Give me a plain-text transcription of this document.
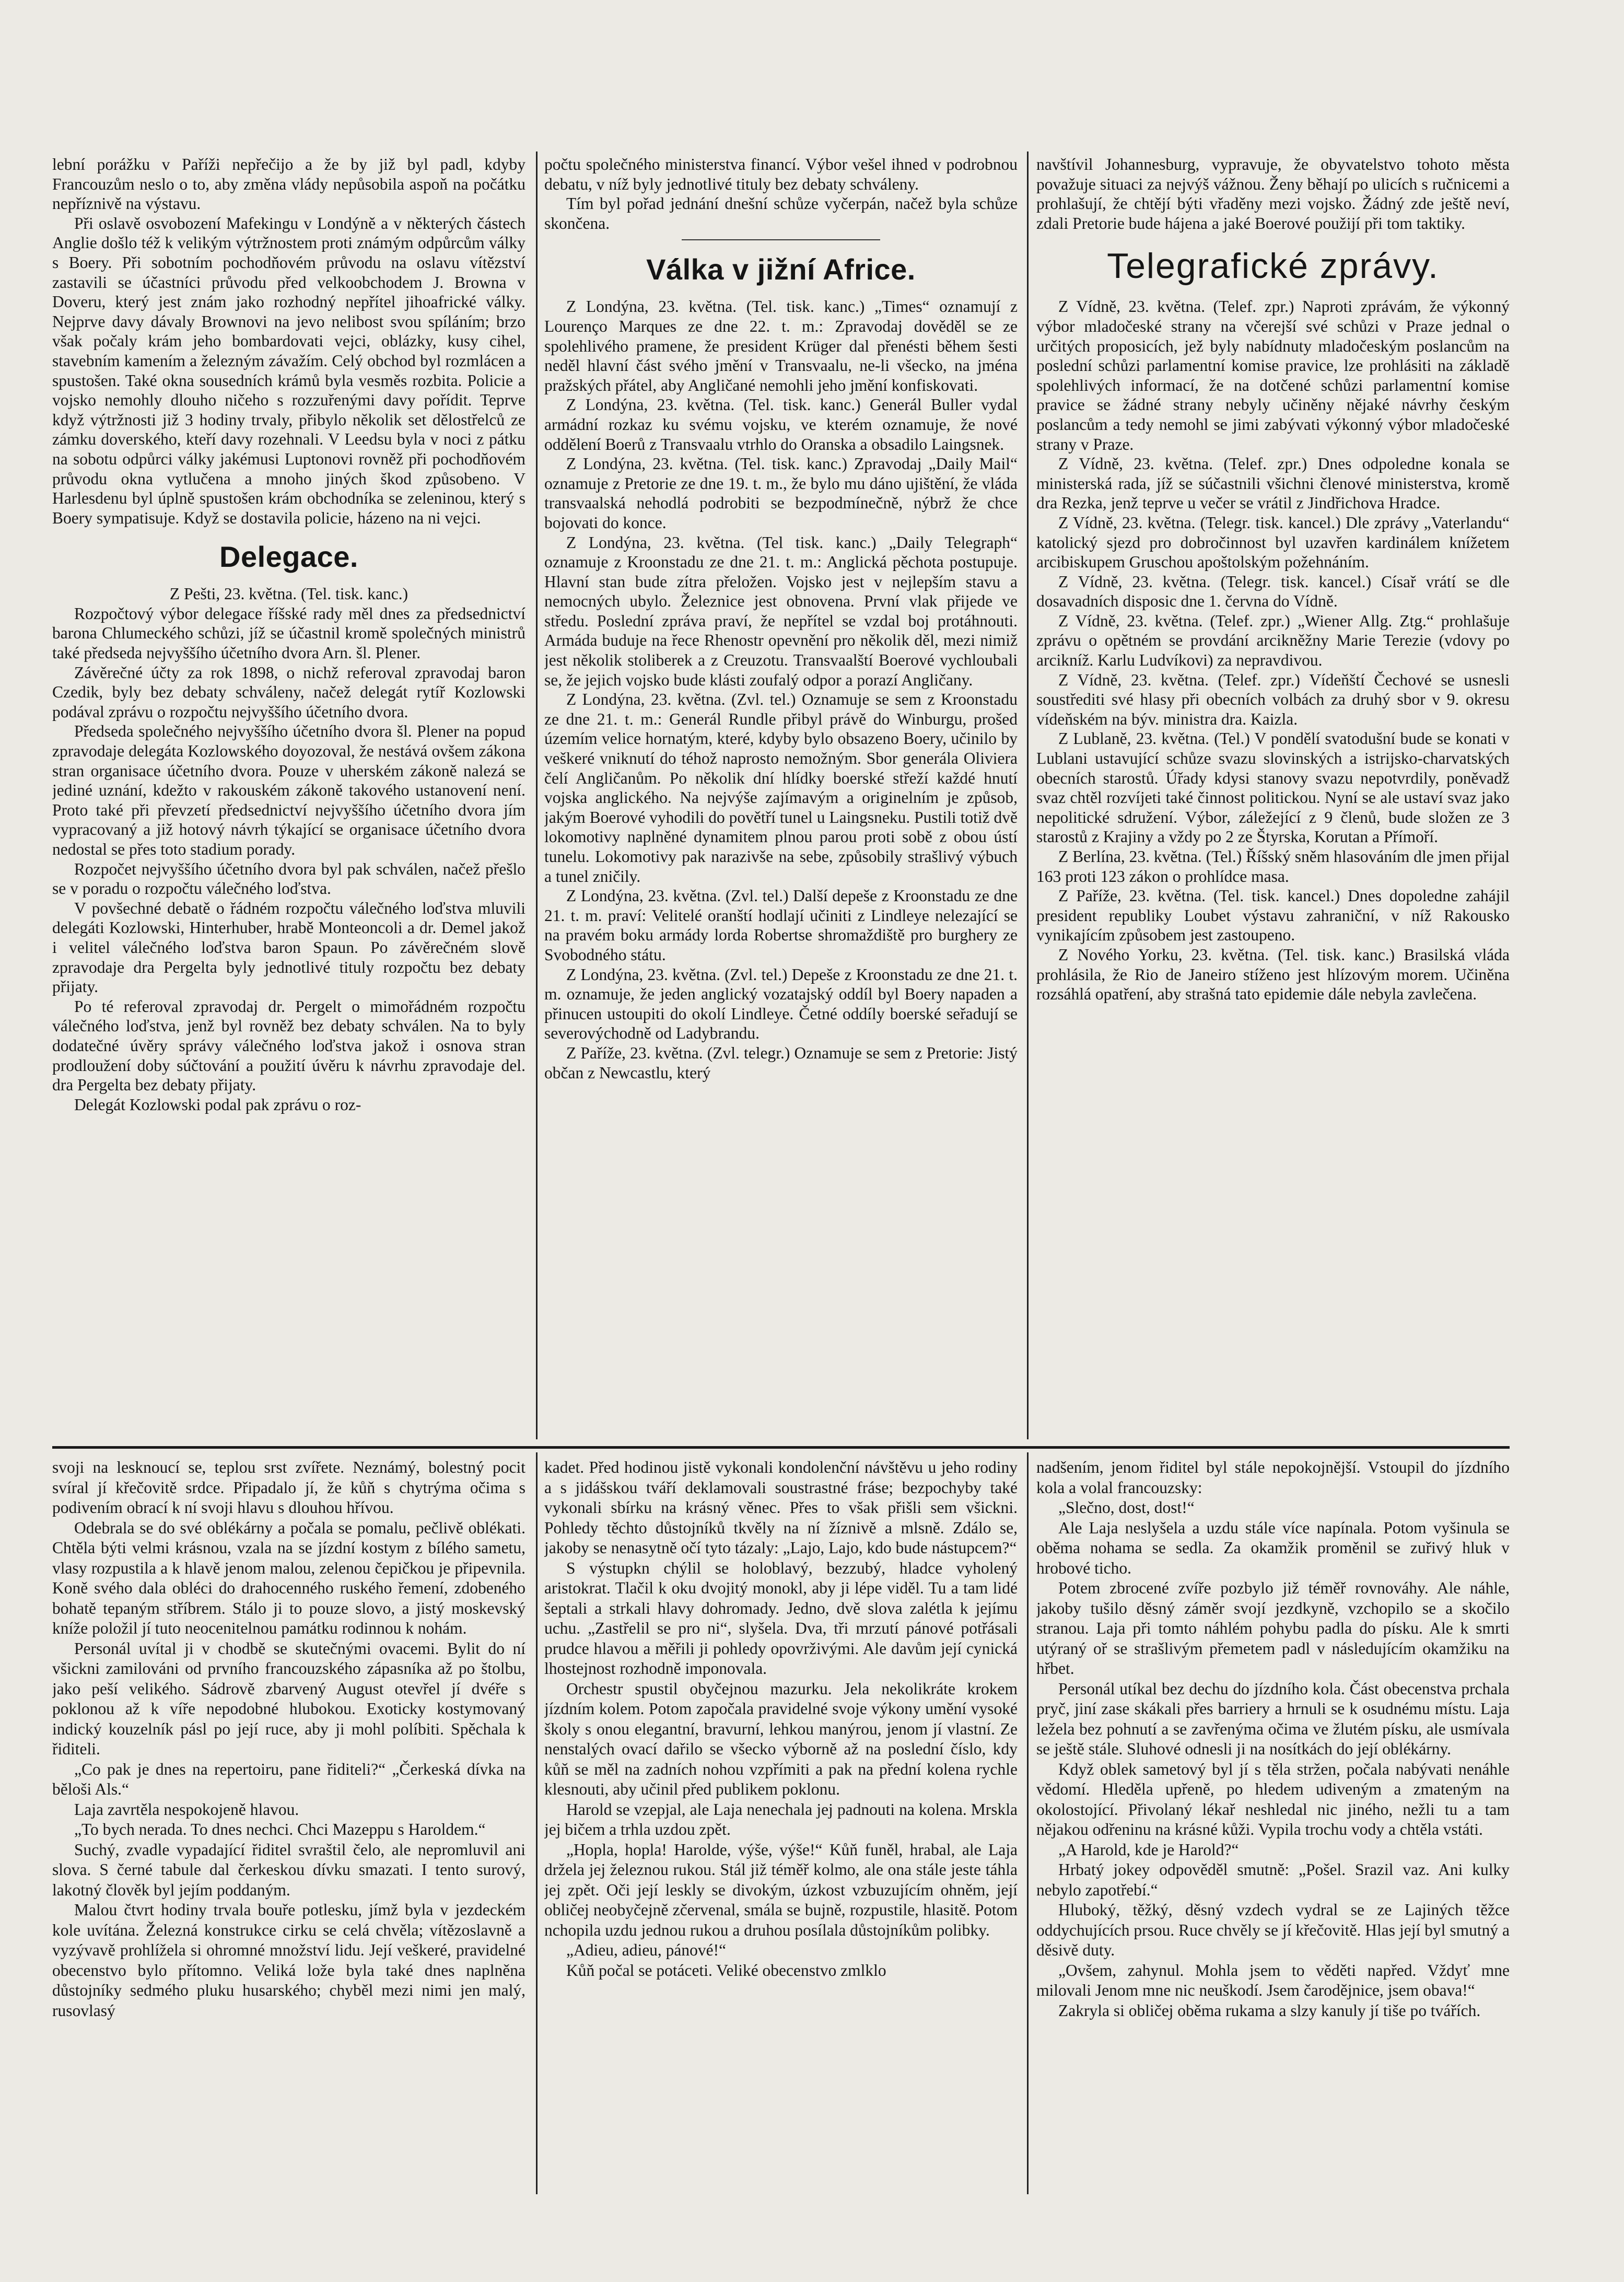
lební porážku v Paříži nepřečijo a že by již byl padl, kdyby Francouzům neslo o to, aby změna vlády nepůsobila aspoň na počátku nepříznivě na výstavu.

Při oslavě osvobození Mafekingu v Londýně a v některých částech Anglie došlo též k velikým výtržnostem proti známým odpůrcům války s Boery. Při sobotním pochodňovém průvodu na oslavu vítězství zastavili se účastníci průvodu před velkoobchodem J. Browna v Doveru, který jest znám jako rozhodný nepřítel jihoafrické války. Nejprve davy dávaly Brownovi na jevo nelibost svou spíláním; brzo však počaly krám jeho bombardovati vejci, oblázky, kusy cihel, stavebním kamením a železným závažím. Celý obchod byl rozmlácen a spustošen. Také okna sousedních krámů byla vesměs rozbita. Policie a vojsko nemohly dlouho ničeho s rozzuřenými davy pořídit. Teprve když výtržnosti již 3 hodiny trvaly, přibylo několik set dělostřelců ze zámku doverského, kteří davy rozehnali. V Leedsu byla v noci z pátku na sobotu odpůrci války jakémusi Luptonovi rovněž při pochodňovém průvodu okna vytlučena a mnoho jiných škod způsobeno. V Harlesdenu byl úplně spustošen krám obchodníka se zeleninou, který s Boery sympatisuje. Když se dostavila policie, házeno na ni vejci.

Delegace.

Z Pešti, 23. května. (Tel. tisk. kanc.)

Rozpočtový výbor delegace říšské rady měl dnes za předsednictví barona Chlumeckého schůzi, jíž se účastnil kromě společných ministrů také předseda nejvyššího účetního dvora Arn. šl. Plener.

Závěrečné účty za rok 1898, o nichž referoval zpravodaj baron Czedik, byly bez debaty schváleny, načež delegát rytíř Kozlowski podával zprávu o rozpočtu nejvyššího účetního dvora.

Předseda společného nejvyššího účetního dvora šl. Plener na popud zpravodaje delegáta Kozlowského doyozoval, že nestává ovšem zákona stran organisace účetního dvora. Pouze v uherském zákoně nalezá se jediné uznání, kdežto v rakouském zákoně takového ustanovení není. Proto také při převzetí předsednictví nejvyššího účetního dvora jím vypracovaný a již hotový návrh týkající se organisace účetního dvora nedostal se přes toto stadium porady.

Rozpočet nejvyššího účetního dvora byl pak schválen, načež přešlo se v poradu o rozpočtu válečného loďstva.

V povšechné debatě o řádném rozpočtu válečného loďstva mluvili delegáti Kozlowski, Hinterhuber, hrabě Monteoncoli a dr. Demel jakož i velitel válečného loďstva baron Spaun. Po závěrečném slově zpravodaje dra Pergelta byly jednotlivé tituly rozpočtu bez debaty přijaty.

Po té referoval zpravodaj dr. Pergelt o mimořádném rozpočtu válečného loďstva, jenž byl rovněž bez debaty schválen. Na to byly dodatečné úvěry správy válečného loďstva jakož i osnova stran prodloužení doby súčtování a použití úvěru k návrhu zpravodaje del. dra Pergelta bez debaty přijaty.

Delegát Kozlowski podal pak zprávu o roz-

počtu společného ministerstva financí. Výbor vešel ihned v podrobnou debatu, v níž byly jednotlivé tituly bez debaty schváleny.

Tím byl pořad jednání dnešní schůze vyčerpán, načež byla schůze skončena.

Válka v jižní Africe.

Z Londýna, 23. května. (Tel. tisk. kanc.) „Times“ oznamují z Lourenço Marques ze dne 22. t. m.: Zpravodaj dověděl se ze spolehlivého pramene, že president Krüger dal přenésti během šesti neděl hlavní část svého jmění v Transvaalu, ne-li všecko, na jména pražských přátel, aby Angličané nemohli jeho jmění konfiskovati.

Z Londýna, 23. května. (Tel. tisk. kanc.) Generál Buller vydal armádní rozkaz ku svému vojsku, ve kterém oznamuje, že nové oddělení Boerů z Transvaalu vtrhlo do Oranska a obsadilo Laingsnek.

Z Londýna, 23. května. (Tel. tisk. kanc.) Zpravodaj „Daily Mail“ oznamuje z Pretorie ze dne 19. t. m., že bylo mu dáno ujištění, že vláda transvaalská nehodlá podrobiti se bezpodmínečně, nýbrž že chce bojovati do konce.

Z Londýna, 23. května. (Tel tisk. kanc.) „Daily Telegraph“ oznamuje z Kroonstadu ze dne 21. t. m.: Anglická pěchota postupuje. Hlavní stan bude zítra přeložen. Vojsko jest v nejlepším stavu a nemocných ubylo. Železnice jest obnovena. První vlak přijede ve středu. Poslední zpráva praví, že nepřítel se vzdal boj protáhnouti. Armáda buduje na řece Rhenostr opevnění pro několik děl, mezi nimiž jest několik stoliberek a z Creuzotu. Transvaalští Boerové vychloubali se, že jejich vojsko bude klásti zoufalý odpor a porazí Angličany.

Z Londýna, 23. května. (Zvl. tel.) Oznamuje se sem z Kroonstadu ze dne 21. t. m.: Generál Rundle přibyl právě do Winburgu, prošed územím velice hornatým, které, kdyby bylo obsazeno Boery, učinilo by veškeré vniknutí do téhož naprosto nemožným. Sbor generála Oliviera čelí Angličanům. Po několik dní hlídky boerské střeží každé hnutí vojska anglického. Na nejvýše zajímavým a originelním je způsob, jakým Boerové vyhodili do povětří tunel u Laingsneku. Pustili totiž dvě lokomotivy naplněné dynamitem plnou parou proti sobě z obou ústí tunelu. Lokomotivy pak narazivše na sebe, způsobily strašlivý výbuch a tunel zničily.

Z Londýna, 23. května. (Zvl. tel.) Další depeše z Kroonstadu ze dne 21. t. m. praví: Velitelé oranští hodlají učiniti z Lindleye nelezající se na pravém boku armády lorda Robertse shromaždiště pro burghery ze Svobodného státu.

Z Londýna, 23. května. (Zvl. tel.) Depeše z Kroonstadu ze dne 21. t. m. oznamuje, že jeden anglický vozatajský oddíl byl Boery napaden a přinucen ustoupiti do okolí Lindleye. Četné oddíly boerské seřadují se severovýchodně od Ladybrandu.

Z Paříže, 23. května. (Zvl. telegr.) Oznamuje se sem z Pretorie: Jistý občan z Newcastlu, který

navštívil Johannesburg, vypravuje, že obyvatelstvo tohoto města považuje situaci za nejvýš vážnou. Ženy běhají po ulicích s ručnicemi a prohlašují, že chtějí býti vřaděny mezi vojsko. Žádný zde ještě neví, zdali Pretorie bude hájena a jaké Boerové použijí při tom taktiky.

Telegrafické zprávy.

Z Vídně, 23. května. (Telef. zpr.) Naproti zprávám, že výkonný výbor mladočeské strany na včerejší své schůzi v Praze jednal o určitých proposicích, jež byly nabídnuty mladočeským poslancům na poslední schůzi parlamentní komise pravice, lze prohlásiti na základě spolehlivých informací, že na dotčené schůzi parlamentní komise pravice se žádné strany nebyly učiněny nějaké návrhy českým poslancům a tedy nemohl se jimi zabývati výkonný výbor mladočeské strany v Praze.

Z Vídně, 23. května. (Telef. zpr.) Dnes odpoledne konala se ministerská rada, jíž se súčastnili všichni členové ministerstva, kromě dra Rezka, jenž teprve u večer se vrátil z Jindřichova Hradce.

Z Vídně, 23. května. (Telegr. tisk. kancel.) Dle zprávy „Vaterlandu“ katolický sjezd pro dobročinnost byl uzavřen kardinálem knížetem arcibiskupem Gruschou apoštolským požehnáním.

Z Vídně, 23. května. (Telegr. tisk. kancel.) Císař vrátí se dle dosavadních disposic dne 1. června do Vídně.

Z Vídně, 23. května. (Telef. zpr.) „Wiener Allg. Ztg.“ prohlašuje zprávu o opětném se provdání arcikněžny Marie Terezie (vdovy po arcikníž. Karlu Ludvíkovi) za nepravdivou.

Z Vídně, 23. května. (Telef. zpr.) Vídeňští Čechové se usnesli soustřediti své hlasy při obecních volbách za druhý sbor v 9. okresu vídeňském na býv. ministra dra. Kaizla.

Z Lublaně, 23. května. (Tel.) V pondělí svatodušní bude se konati v Lublani ustavující schůze svazu slovinských a istrijsko-charvatských obecních starostů. Úřady kdysi stanovy svazu nepotvrdily, poněvadž svaz chtěl rozvíjeti také činnost politickou. Nyní se ale ustaví svaz jako nepolitické sdružení. Výbor, záležející z 9 členů, bude složen ze 3 starostů z Krajiny a vždy po 2 ze Štyrska, Korutan a Přímoří.

Z Berlína, 23. května. (Tel.) Říšský sněm hlasováním dle jmen přijal 163 proti 123 zákon o prohlídce masa.

Z Paříže, 23. května. (Tel. tisk. kancel.) Dnes dopoledne zahájil president republiky Loubet výstavu zahraniční, v níž Rakousko vynikajícím způsobem jest zastoupeno.

Z Nového Yorku, 23. května. (Tel. tisk. kanc.) Brasilská vláda prohlásila, že Rio de Janeiro stíženo jest hlízovým morem. Učiněna rozsáhlá opatření, aby strašná tato epidemie dále nebyla zavlečena.

svoji na lesknoucí se, teplou srst zvířete. Neznámý, bolestný pocit svíral jí křečovitě srdce. Připadalo jí, že kůň s chytrýma očima s podivením obrací k ní svoji hlavu s dlouhou hřívou.

Odebrala se do své oblékárny a počala se pomalu, pečlivě oblékati. Chtěla býti velmi krásnou, vzala na se jízdní kostym z bílého sametu, vlasy rozpustila a k hlavě jenom malou, zelenou čepičkou je připevnila. Koně svého dala obléci do drahocenného ruského řemení, zdobeného bohatě tepaným stříbrem. Stálo ji to pouze slovo, a jistý moskevský kníže položil jí tuto neocenitelnou památku rodinnou k nohám.

Personál uvítal ji v chodbě se skutečnými ovacemi. Bylit do ní všickni zamilováni od prvního francouzského zápasníka až po štolbu, jako peší velikého. Sádrově zbarvený August otevřel jí dvéře s poklonou až k víře nepodobné hlubokou. Exoticky kostymovaný indický kouzelník pásl po její ruce, aby ji mohl políbiti. Spěchala k řiditeli.

„Co pak je dnes na repertoiru, pane řiditeli?“ „Čerkeská dívka na běloši Als.“

Laja zavrtěla nespokojeně hlavou.

„To bych nerada. To dnes nechci. Chci Mazeppu s Haroldem.“

Suchý, zvadle vypadající řiditel svraštil čelo, ale nepromluvil ani slova. S černé tabule dal čerkeskou dívku smazati. I tento surový, lakotný člověk byl jejím poddaným.

Malou čtvrt hodiny trvala bouře potlesku, jímž byla v jezdeckém kole uvítána. Železná konstrukce cirku se celá chvěla; vítězoslavně a vyzývavě prohlížela si ohromné množství lidu. Její veškeré, pravidelné obecenstvo bylo přítomno. Veliká lože byla také dnes naplněna důstojníky sedmého pluku husarského; chyběl mezi nimi jen malý, rusovlasý

kadet. Před hodinou jistě vykonali kondolenční návštěvu u jeho rodiny a s jidášskou tváří deklamovali soustrastné fráse; bezpochyby také vykonali sbírku na krásný věnec. Přes to však přišli sem všickni. Pohledy těchto důstojníků tkvěly na ní žíznivě a mlsně. Zdálo se, jakoby se nenasytně očí tyto tázaly: „Lajo, Lajo, kdo bude nástupcem?“

S výstupkn chýlil se holoblavý, bezzubý, hladce vyholený aristokrat. Tlačil k oku dvojitý monokl, aby ji lépe viděl. Tu a tam lidé šeptali a strkali hlavy dohromady. Jedno, dvě slova zalétla k jejímu uchu. „Zastřelil se pro ni“, slyšela. Dva, tři mrzutí pánové potřásali prudce hlavou a měřili ji pohledy opovrživými. Ale davům její cynická lhostejnost rozhodně imponovala.

Orchestr spustil obyčejnou mazurku. Jela nekolikráte krokem jízdním kolem. Potom započala pravidelné svoje výkony umění vysoké školy s onou elegantní, bravurní, lehkou manýrou, jenom jí vlastní. Ze nenstalých ovací dařilo se všecko výborně až na poslední číslo, kdy kůň se měl na zadních nohou vzpřímiti a pak na přední kolena rychle klesnouti, aby učinil před publikem poklonu.

Harold se vzepjal, ale Laja nenechala jej padnouti na kolena. Mrskla jej bičem a trhla uzdou zpět.

„Hopla, hopla! Harolde, výše, výše!“ Kůň funěl, hrabal, ale Laja držela jej železnou rukou. Stál již téměř kolmo, ale ona stále jeste táhla jej zpět. Oči její leskly se divokým, úzkost vzbuzujícím ohněm, její obličej neobyčejně zčervenal, smála se bujně, rozpustile, hlasitě. Potom nchopila uzdu jednou rukou a druhou posílala důstojníkům polibky.

„Adieu, adieu, pánové!“

Kůň počal se potáceti. Veliké obecenstvo zmlklo

nadšením, jenom řiditel byl stále nepokojnější. Vstoupil do jízdního kola a volal francouzsky:

„Slečno, dost, dost!“

Ale Laja neslyšela a uzdu stále více napínala. Potom vyšinula se oběma nohama se sedla. Za okamžik proměnil se zuřivý hluk v hrobové ticho.

Potem zbrocené zvíře pozbylo již téměř rovnováhy. Ale náhle, jakoby tušilo děsný záměr svojí jezdkyně, vzchopilo se a skočilo stranou. Laja při tomto náhlém pohybu padla do písku. Ale k smrti utýraný oř se strašlivým přemetem padl v následujícím okamžiku na hřbet.

Personál utíkal bez dechu do jízdního kola. Část obecenstva prchala pryč, jiní zase skákali přes barriery a hrnuli se k osudnému místu. Laja ležela bez pohnutí a se zavřenýma očima ve žlutém písku, ale usmívala se ještě stále. Sluhové odnesli ji na nosítkách do její oblékárny.

Když oblek sametový byl jí s těla stržen, počala nabývati nenáhle vědomí. Hleděla upřeně, po hledem udiveným a zmateným na okolostojící. Přivolaný lékař neshledal nic jiného, nežli tu a tam nějakou odřeninu na krásné kůži. Vypila trochu vody a chtěla vstáti.

„A Harold, kde je Harold?“

Hrbatý jokey odpověděl smutně: „Pošel. Srazil vaz. Ani kulky nebylo zapotřebí.“

Hluboký, těžký, děsný vzdech vydral se ze Lajiných těžce oddychujících prsou. Ruce chvěly se jí křečovitě. Hlas její byl smutný a děsivě duty.

„Ovšem, zahynul. Mohla jsem to věděti napřed. Vždyť mne milovali Jenom mne nic neuškodí. Jsem čarodějnice, jsem obava!“

Zakryla si obličej oběma rukama a slzy kanuly jí tiše po tvářích.
